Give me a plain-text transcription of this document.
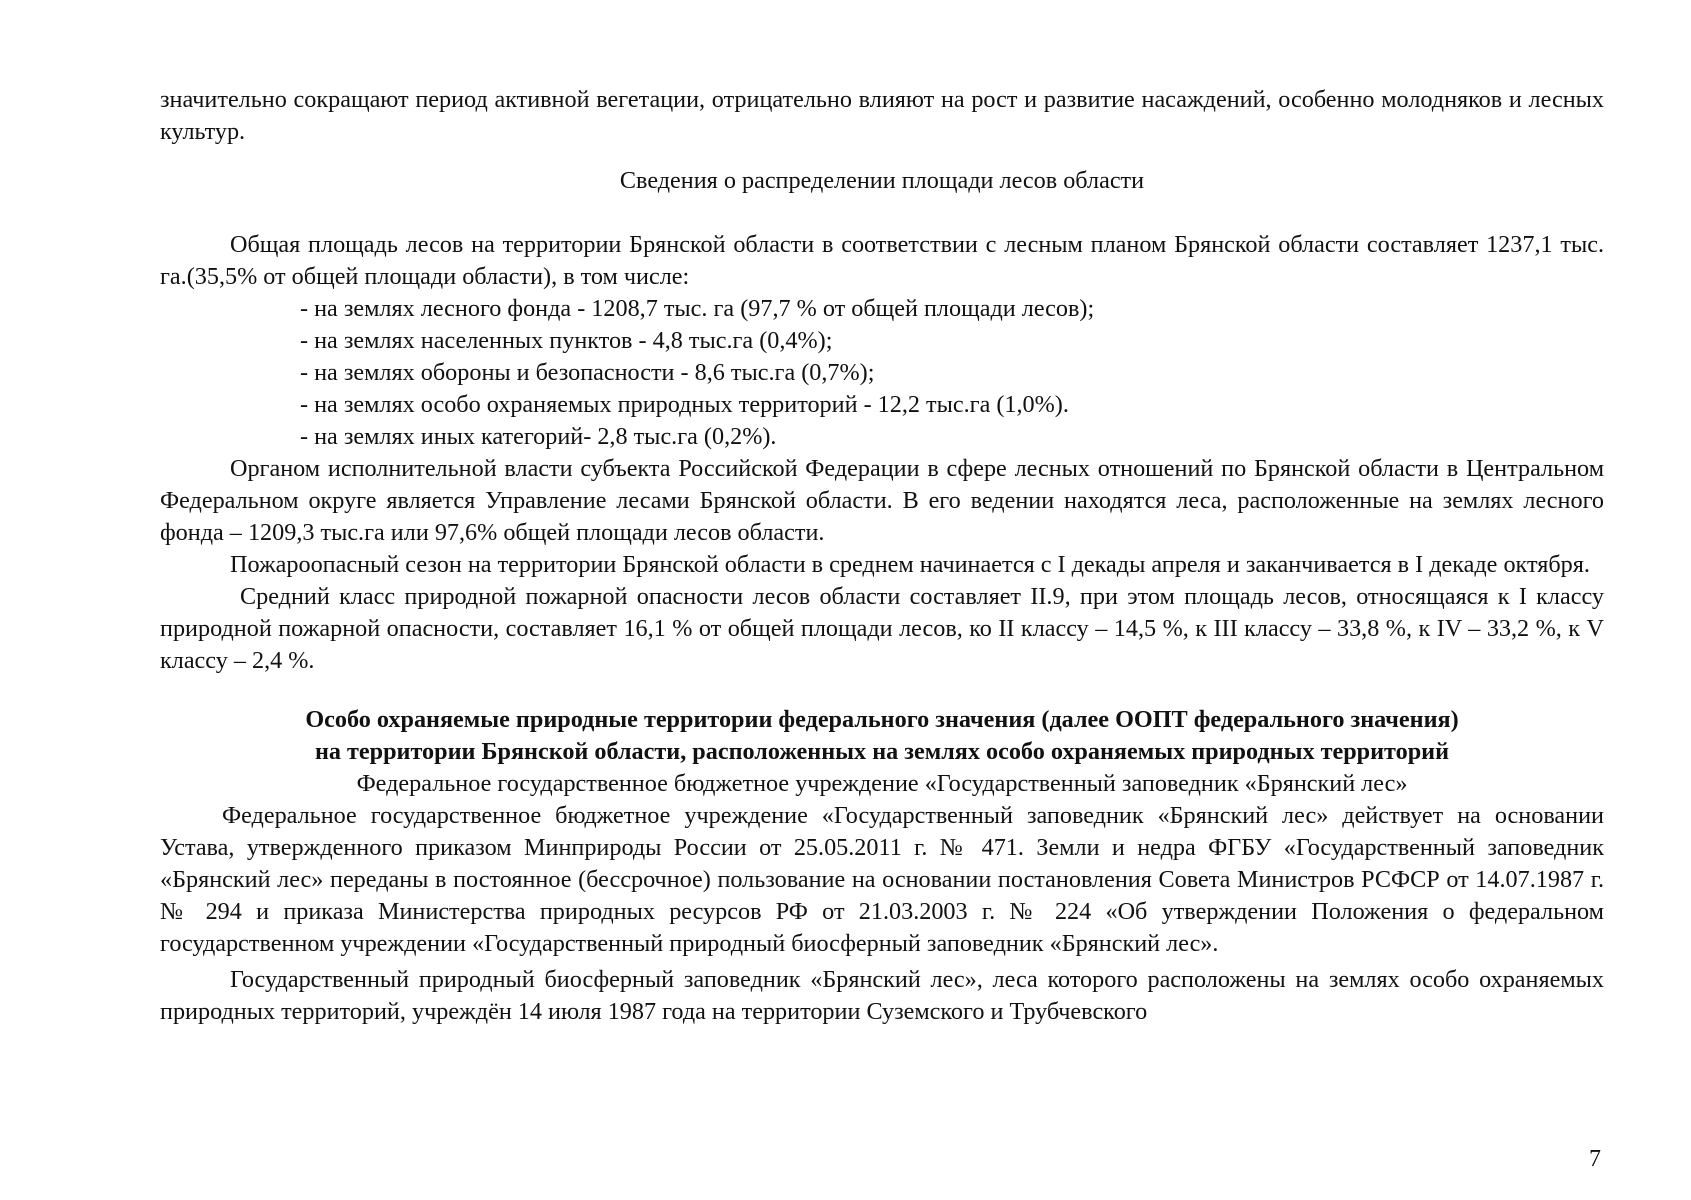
значительно сокращают период активной вегетации, отрицательно влияют на рост и развитие насаждений, особенно молодняков и лесных культур.

Сведения о распределении площади лесов области

Общая площадь лесов на территории Брянской области в соответствии с лесным планом Брянской области составляет 1237,1 тыс. га.(35,5% от общей площади области), в том числе:

- на землях лесного фонда - 1208,7 тыс. га (97,7 % от общей площади лесов);
- на землях населенных пунктов - 4,8 тыс.га (0,4%);
- на землях обороны и безопасности - 8,6 тыс.га (0,7%);
- на землях особо охраняемых природных территорий - 12,2 тыс.га (1,0%).
- на землях иных категорий- 2,8 тыс.га (0,2%).

Органом исполнительной власти субъекта Российской Федерации в сфере лесных отношений по Брянской области в Центральном Федеральном округе является Управление лесами Брянской области. В его ведении находятся леса, расположенные на землях лесного фонда – 1209,3 тыс.га или 97,6% общей площади лесов области.

Пожароопасный сезон на территории Брянской области в среднем начинается с I декады апреля и заканчивается в I декаде октября.

Средний класс природной пожарной опасности лесов области составляет II.9, при этом площадь лесов, относящаяся к I классу природной пожарной опасности, составляет 16,1 % от общей площади лесов, ко II классу – 14,5 %, к III классу – 33,8 %, к IV – 33,2 %, к V классу – 2,4 %.

Особо охраняемые природные территории федерального значения (далее ООПТ федерального значения)

на территории Брянской области, расположенных на землях особо охраняемых природных территорий

Федеральное государственное бюджетное учреждение «Государственный заповедник «Брянский лес»

Федеральное государственное бюджетное учреждение «Государственный заповедник «Брянский лес» действует на основании Устава, утвержденного приказом Минприроды России от 25.05.2011 г. № 471. Земли и недра ФГБУ «Государственный заповедник «Брянский лес» переданы в постоянное (бессрочное) пользование на основании постановления Совета Министров РСФСР от 14.07.1987 г. № 294 и приказа Министерства природных ресурсов РФ от 21.03.2003 г. № 224 «Об утверждении Положения о федеральном государственном учреждении «Государственный природный биосферный заповедник «Брянский лес».

Государственный природный биосферный заповедник «Брянский лес», леса которого расположены на землях особо охраняемых природных территорий, учреждён 14 июля 1987 года на территории Суземского и Трубчевского

7
